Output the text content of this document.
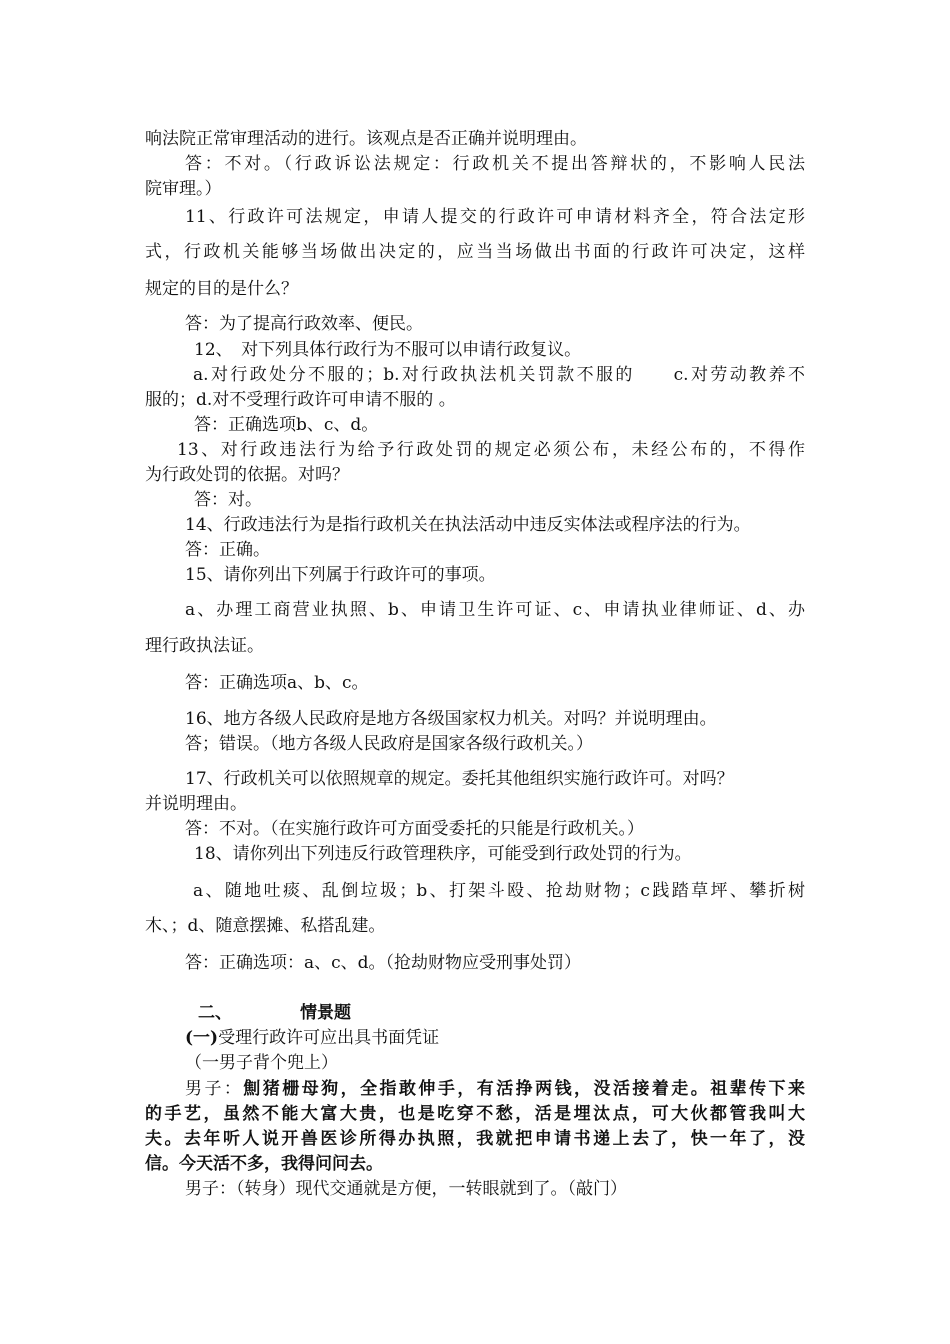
响法院正常审理活动的进行。该观点是否正确并说明理由。
答：不对。（行政诉讼法规定：行政机关不提出答辩状的，不影响人民法
院审理。）
11、行政许可法规定，申请人提交的行政许可申请材料齐全，符合法定形
式，行政机关能够当场做出决定的，应当当场做出书面的行政许可决定，这样
规定的目的是什么？
答：为了提高行政效率、便民。
12、　对下列具体行政行为不服可以申请行政复议。
a.对行政处分不服的；b.对行政执法机关罚款不服的　　c.对劳动教养不
服的；d.对不受理行政许可申请不服的 。
答：正确选项b、c、d。
13、对行政违法行为给予行政处罚的规定必须公布，未经公布的，不得作
为行政处罚的依据。对吗？
答：对。
14、行政违法行为是指行政机关在执法活动中违反实体法或程序法的行为。
答：正确。
15、请你列出下列属于行政许可的事项。
a、办理工商营业执照、b、申请卫生许可证、c、申请执业律师证、d、办
理行政执法证。
答：正确选项a、b、c。
16、地方各级人民政府是地方各级国家权力机关。对吗？并说明理由。
答；错误。（地方各级人民政府是国家各级行政机关。）
17、行政机关可以依照规章的规定。委托其他组织实施行政许可。对吗？
并说明理由。
答：不对。（在实施行政许可方面受委托的只能是行政机关。）
18、请你列出下列违反行政管理秩序，可能受到行政处罚的行为。
a、随地吐痰、乱倒垃圾；b、打架斗殴、抢劫财物；c践踏草坪、攀折树
木、；d、随意摆摊、私搭乱建。
答：正确选项：a、c、d。（抢劫财物应受刑事处罚）
二、	情景题
(一)受理行政许可应出具书面凭证
（一男子背个兜上）
男子：劁猪栅母狗，全指敢伸手，有活挣两钱，没活接着走。祖辈传下来
的手艺，虽然不能大富大贵，也是吃穿不愁，活是埋汰点，可大伙都管我叫大
夫。去年听人说开兽医诊所得办执照，我就把申请书递上去了，快一年了，没
信。今天活不多，我得问问去。
男子：（转身）现代交通就是方便，一转眼就到了。（敲门）
